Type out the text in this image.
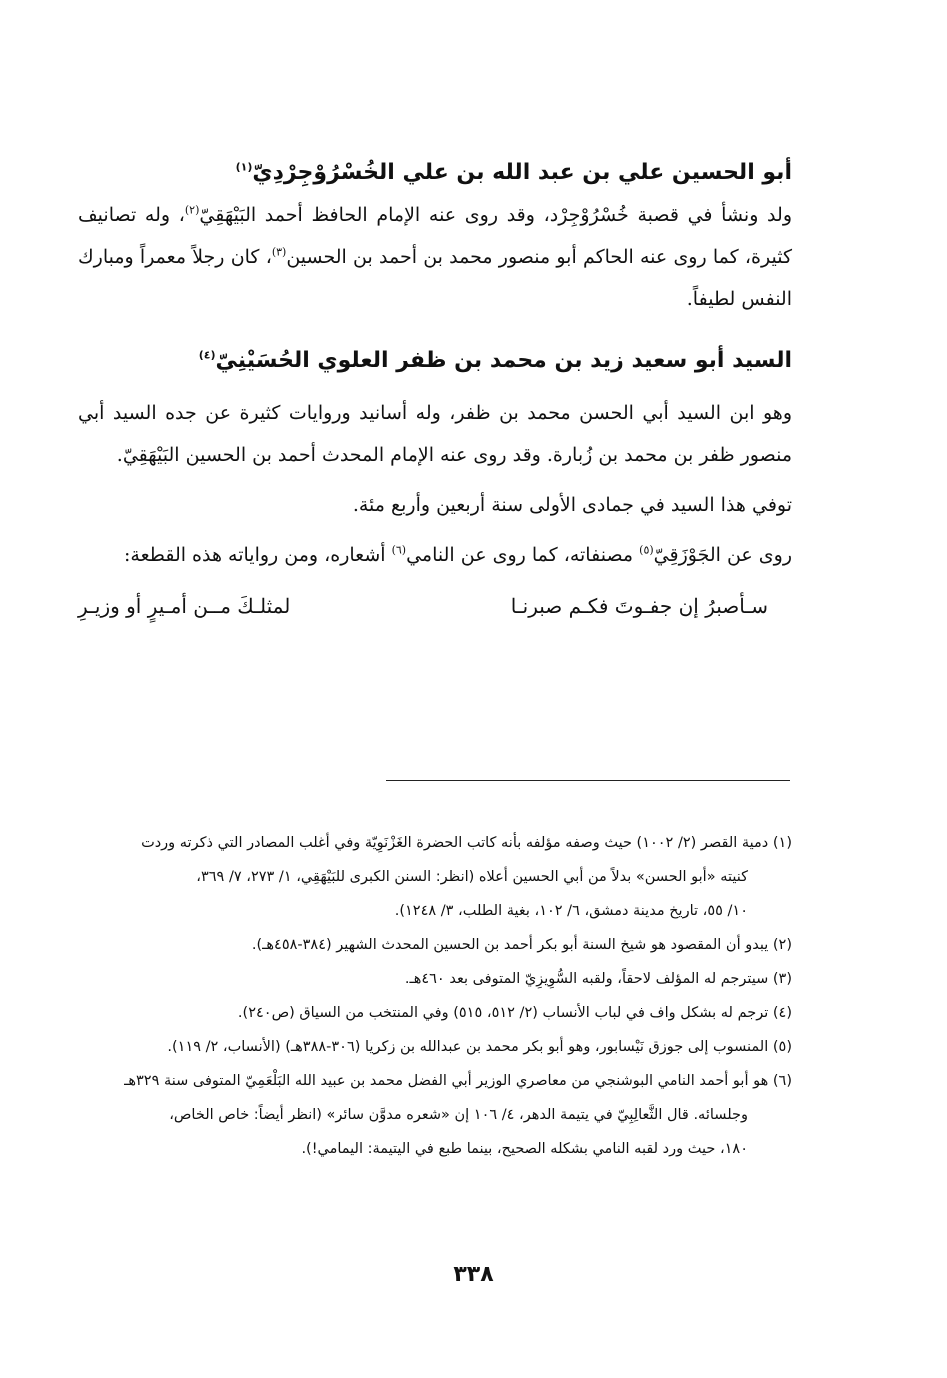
أبو الحسين علي بن عبد الله بن علي الخُسْرُوْجِرْدِيّ$^{(١)}$

ولد ونشأ في قصبة خُسْرُوْجِرْد، وقد روى عنه الإمام الحافظ أحمد البَيْهَقِيّ$^{(٢)}$، وله تصانيف كثيرة، كما روى عنه الحاكم أبو منصور محمد بن أحمد بن الحسين$^{(٣)}$، كان رجلاً معمراً ومبارك النفس لطيفاً.

السيد أبو سعيد زيد بن محمد بن ظفر العلوي الحُسَيْنِيّ$^{(٤)}$

وهو ابن السيد أبي الحسن محمد بن ظفر، وله أسانيد وروايات كثيرة عن جده السيد أبي منصور ظفر بن محمد بن زُبارة. وقد روى عنه الإمام المحدث أحمد بن الحسين البَيْهَقِيّ.

توفي هذا السيد في جمادى الأولى سنة أربعين وأربع مئة.

روى عن الجَوْزَقِيّ$^{(٥)}$ مصنفاته، كما روى عن النامي$^{(٦)}$ أشعاره، ومن رواياته هذه القطعة:

سـأصبرُ إن جفـوتَ فكـم صبرنـا
لمثلـكَ مــن أمـيرٍ أو وزيـرِ
(١) دمية القصر (٢/ ١٠٠٢) حيث وصفه مؤلفه بأنه كاتب الحضرة الغَزْنَوِيّة وفي أغلب المصادر التي ذكرته وردت
كنيته «أبو الحسن» بدلاً من أبي الحسين أعلاه (انظر: السنن الكبرى للبَيْهَقِي، ١/ ٢٧٣، ٧/ ٣٦٩،
١٠/ ٥٥، تاريخ مدينة دمشق، ٦/ ١٠٢، بغية الطلب، ٣/ ١٢٤٨).
(٢) يبدو أن المقصود هو شيخ السنة أبو بكر أحمد بن الحسين المحدث الشهير (٣٨٤-٤٥٨هـ).
(٣) سيترجم له المؤلف لاحقاً، ولقبه السُّوِيزِيّ المتوفى بعد ٤٦٠هـ.
(٤) ترجم له بشكل واف في لباب الأنساب (٢/ ٥١٢، ٥١٥) وفي المنتخب من السياق (ص٢٤٠).
(٥) المنسوب إلى جوزق نَيْسابور، وهو أبو بكر محمد بن عبدالله بن زكريا (٣٠٦-٣٨٨هـ) (الأنساب، ٢/ ١١٩).
(٦) هو أبو أحمد النامي البوشنجي من معاصري الوزير أبي الفضل محمد بن عبيد الله البَلْعَمِيّ المتوفى سنة ٣٢٩هـ
وجلسائه. قال الثَّعالِبِيّ في يتيمة الدهر، ٤/ ١٠٦ إن «شعره مدوَّن سائر» (انظر أيضاً: خاص الخاص،
١٨٠، حيث ورد لقبه النامي بشكله الصحيح، بينما طبع في اليتيمة: اليمامي!).
٣٣٨
